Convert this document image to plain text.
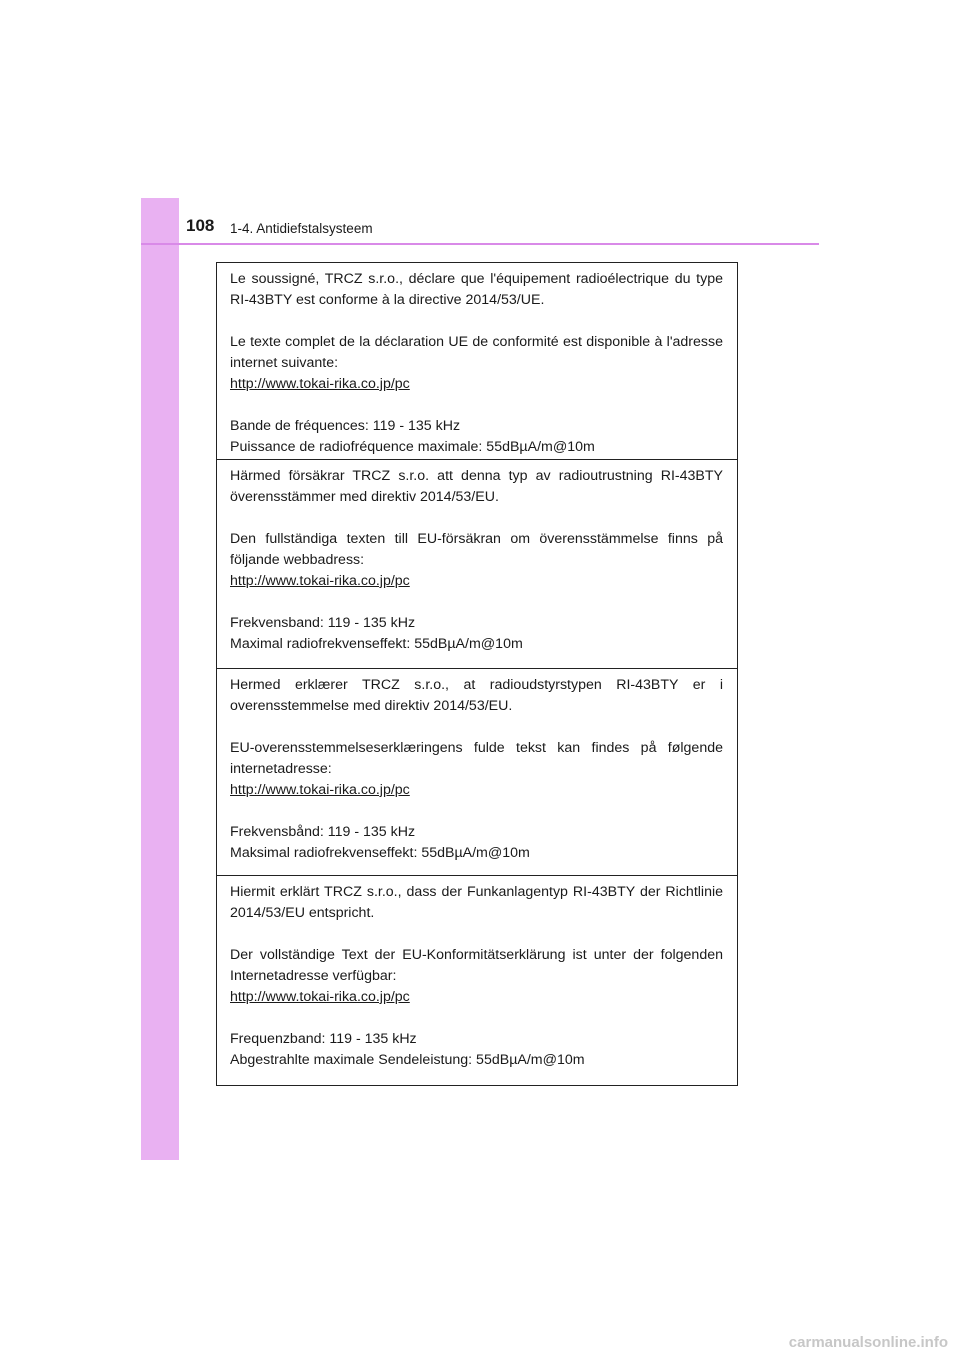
108 1-4. Antidiefstalsysteem

Le soussigné, TRCZ s.r.o., déclare que l'équipement radioélectrique du type RI-43BTY est conforme à la directive 2014/53/UE.

Le texte complet de la déclaration UE de conformité est disponible à l'adresse internet suivante:

http://www.tokai-rika.co.jp/pc

Bande de fréquences: 119 - 135 kHz

Puissance de radiofréquence maximale: 55dBµA/m@10m

Härmed försäkrar TRCZ s.r.o. att denna typ av radioutrustning RI-43BTY överensstämmer med direktiv 2014/53/EU.

Den fullständiga texten till EU-försäkran om överensstämmelse finns på följande webbadress:

http://www.tokai-rika.co.jp/pc

Frekvensband: 119 - 135 kHz

Maximal radiofrekvenseffekt: 55dBµA/m@10m

Hermed erklærer TRCZ s.r.o., at radioudstyrstypen RI-43BTY er i overensstemmelse med direktiv 2014/53/EU.

EU-overensstemmelseserklæringens fulde tekst kan findes på følgende internetadresse:

http://www.tokai-rika.co.jp/pc

Frekvensbånd: 119 - 135 kHz

Maksimal radiofrekvenseffekt: 55dBµA/m@10m

Hiermit erklärt TRCZ s.r.o., dass der Funkanlagentyp RI-43BTY der Richtlinie 2014/53/EU entspricht.

Der vollständige Text der EU-Konformitätserklärung ist unter der folgenden Internetadresse verfügbar:

http://www.tokai-rika.co.jp/pc

Frequenzband: 119 - 135 kHz

Abgestrahlte maximale Sendeleistung: 55dBµA/m@10m

carmanualsonline.info
